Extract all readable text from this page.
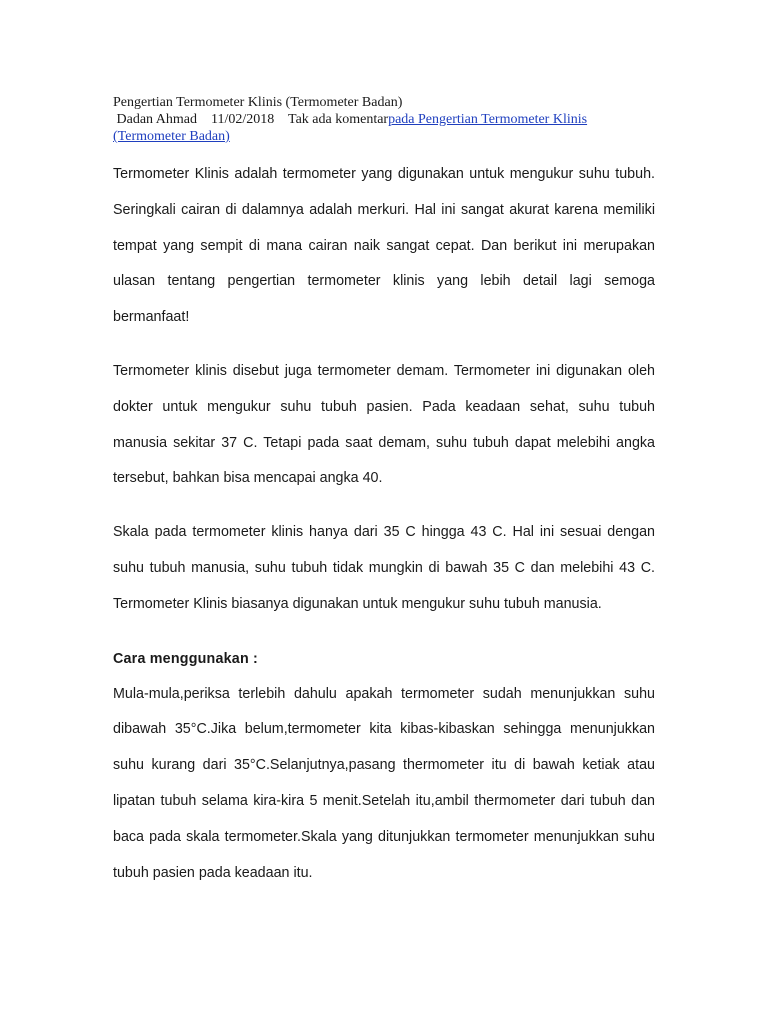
Pengertian Termometer Klinis (Termometer Badan)
Dadan Ahmad 11/02/2018 Tak ada komentarpada Pengertian Termometer Klinis
(Termometer Badan)

Termometer Klinis adalah termometer yang digunakan untuk mengukur suhu tubuh. Seringkali cairan di dalamnya adalah merkuri. Hal ini sangat akurat karena memiliki tempat yang sempit di mana cairan naik sangat cepat. Dan berikut ini merupakan ulasan tentang pengertian termometer klinis yang lebih detail lagi semoga bermanfaat!

Termometer klinis disebut juga termometer demam. Termometer ini digunakan oleh dokter untuk mengukur suhu tubuh pasien. Pada keadaan sehat, suhu tubuh manusia sekitar 37 C. Tetapi pada saat demam, suhu tubuh dapat melebihi angka tersebut, bahkan bisa mencapai angka 40.

Skala pada termometer klinis hanya dari 35 C hingga 43 C. Hal ini sesuai dengan suhu tubuh manusia, suhu tubuh tidak mungkin di bawah 35 C dan melebihi 43 C. Termometer Klinis biasanya digunakan untuk mengukur suhu tubuh manusia.

Cara menggunakan :

Mula-mula,periksa terlebih dahulu apakah termometer sudah menunjukkan suhu dibawah 35°C.Jika belum,termometer kita kibas-kibaskan sehingga menunjukkan suhu kurang dari 35°C.Selanjutnya,pasang thermometer itu di bawah ketiak atau lipatan tubuh selama kira-kira 5 menit.Setelah itu,ambil thermometer dari tubuh dan baca pada skala termometer.Skala yang ditunjukkan termometer menunjukkan suhu tubuh pasien pada keadaan itu.
